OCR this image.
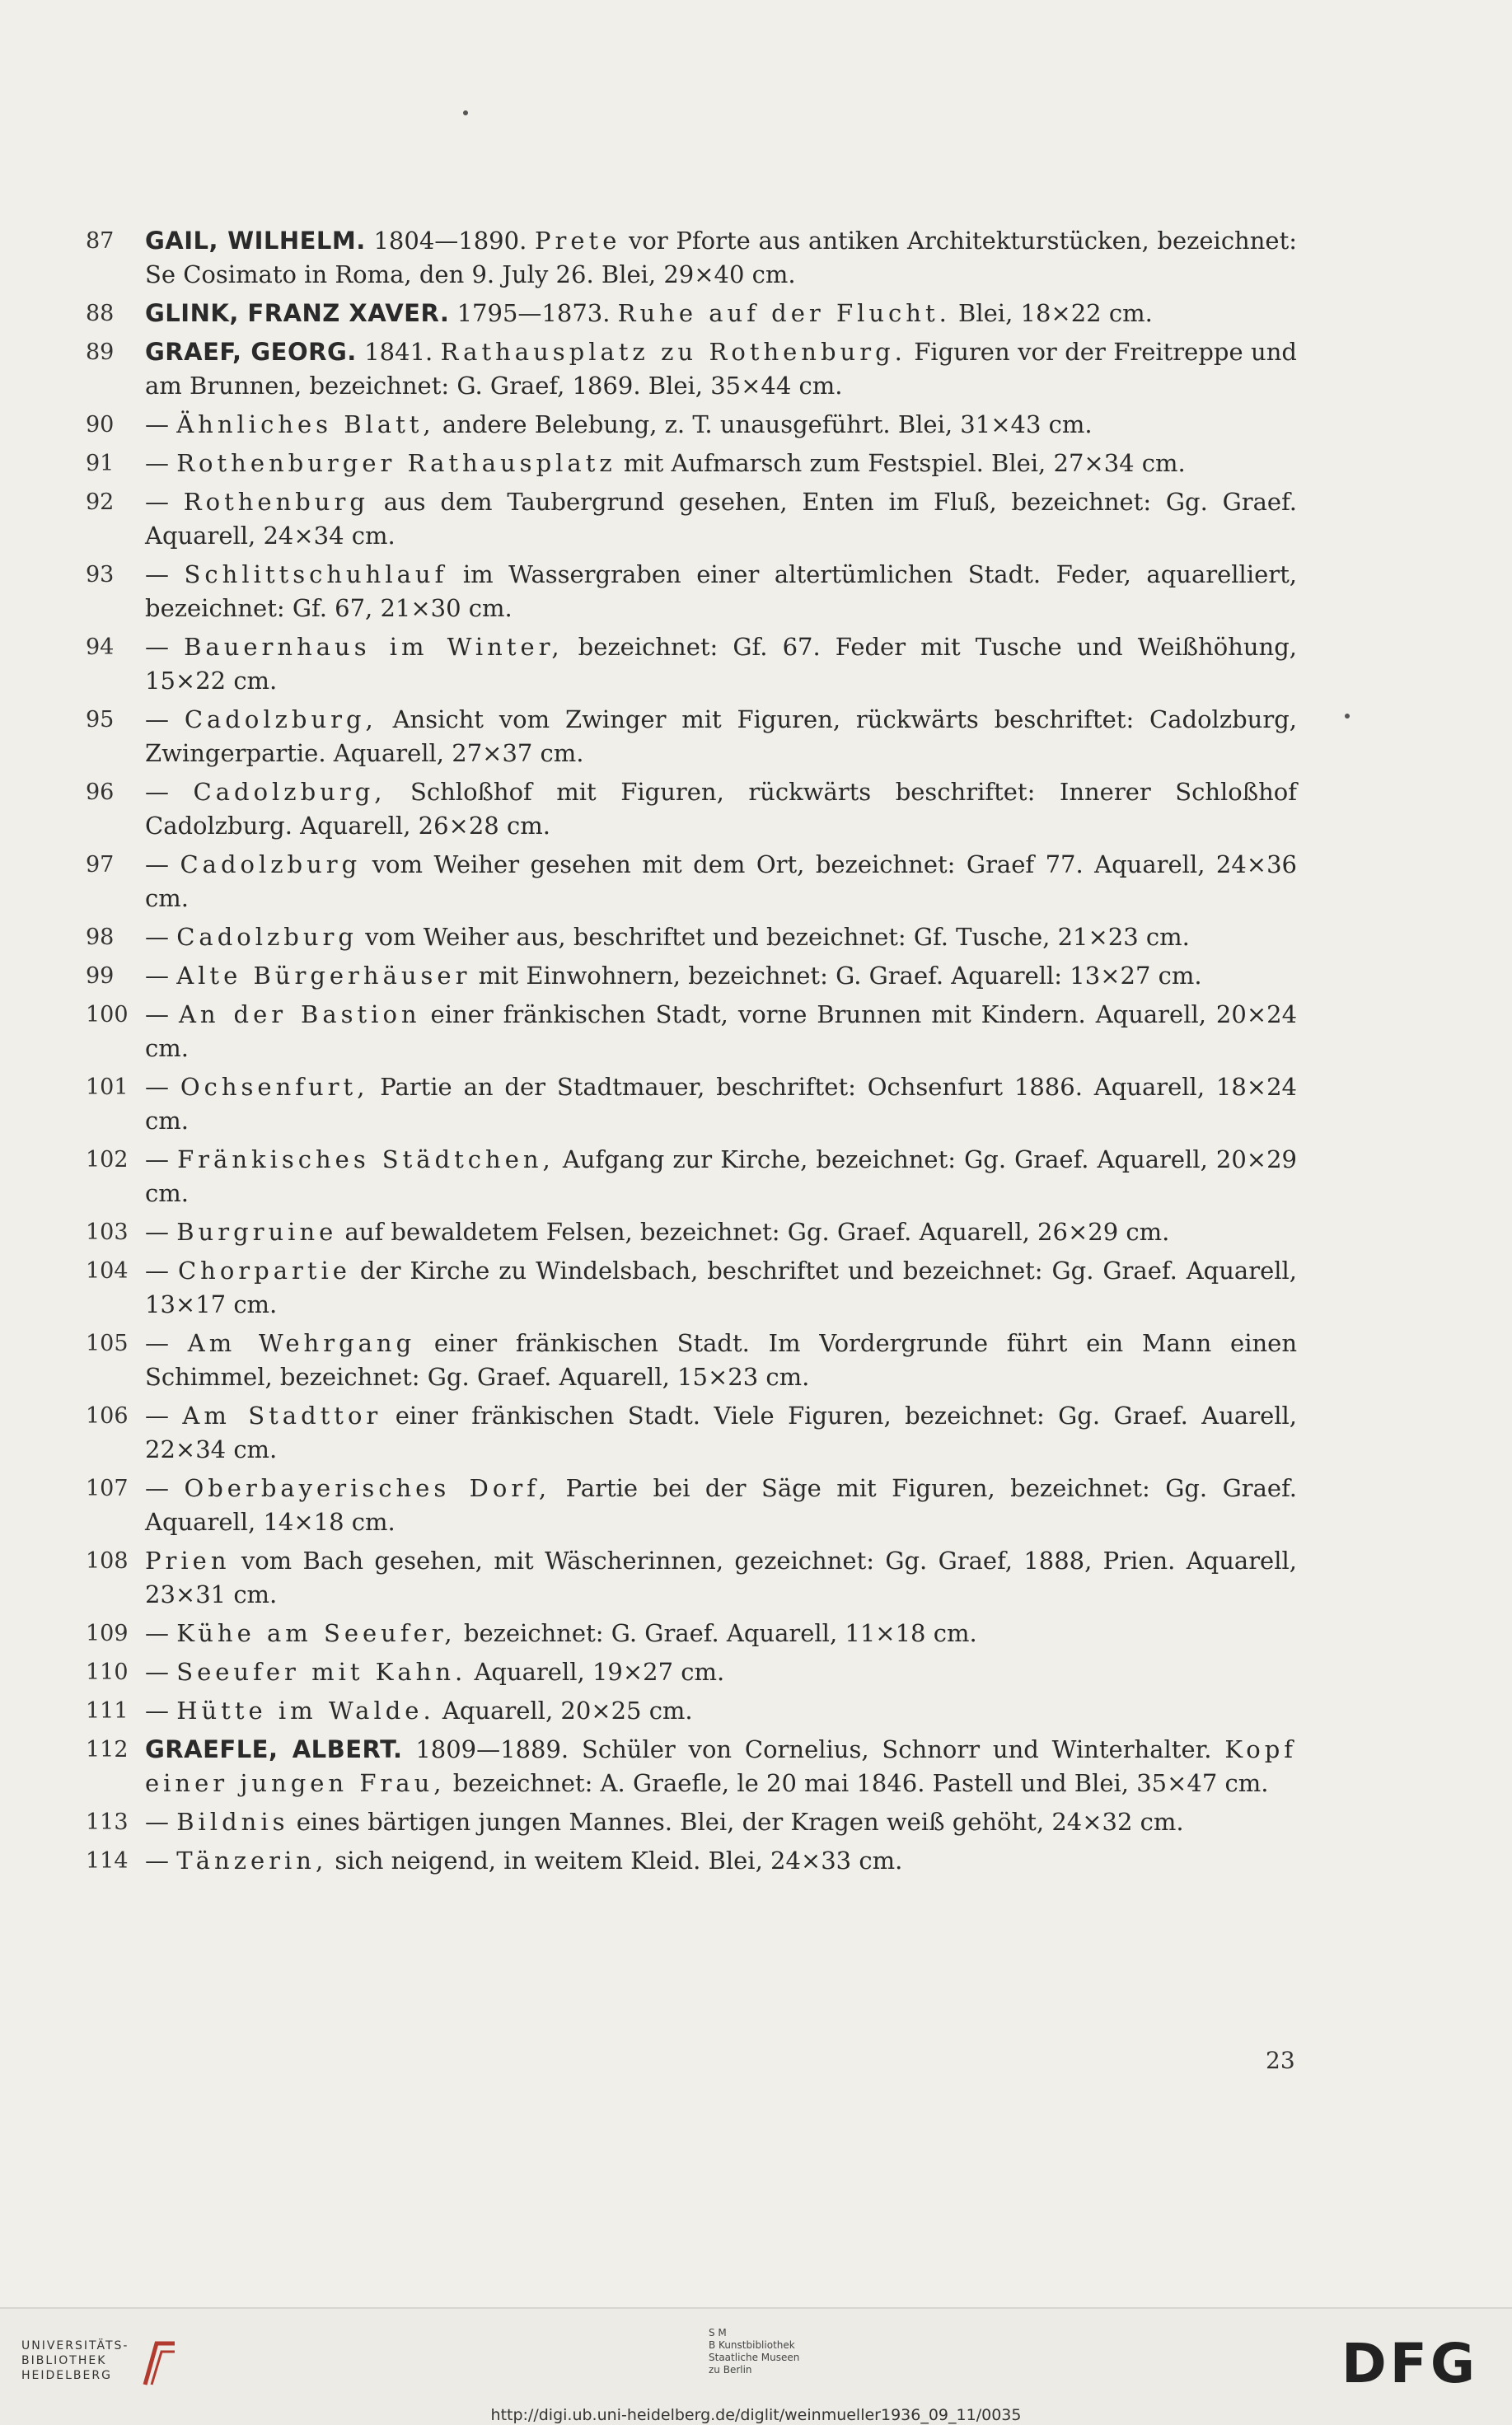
87	GAIL, WILHELM. 1804—1890. Prete vor Pforte aus antiken Architekturstücken, bezeichnet: Se Cosimato in Roma, den 9. July 26. Blei, 29×40 cm.
88	GLINK, FRANZ XAVER. 1795—1873. Ruhe auf der Flucht. Blei, 18×22 cm.
89	GRAEF, GEORG. 1841. Rathausplatz zu Rothenburg. Figuren vor der Freitreppe und am Brunnen, bezeichnet: G. Graef, 1869. Blei, 35×44 cm.
90	— Ähnliches Blatt, andere Belebung, z. T. unausgeführt. Blei, 31×43 cm.
91	— Rothenburger Rathausplatz mit Aufmarsch zum Festspiel. Blei, 27×34 cm.
92	— Rothenburg aus dem Taubergrund gesehen, Enten im Fluß, bezeichnet: Gg. Graef. Aquarell, 24×34 cm.
93	— Schlittschuhlauf im Wassergraben einer altertümlichen Stadt. Feder, aquarelliert, bezeichnet: Gf. 67, 21×30 cm.
94	— Bauernhaus im Winter, bezeichnet: Gf. 67. Feder mit Tusche und Weißhöhung, 15×22 cm.
95	— Cadolzburg, Ansicht vom Zwinger mit Figuren, rückwärts beschriftet: Cadolzburg, Zwingerpartie. Aquarell, 27×37 cm.
96	— Cadolzburg, Schloßhof mit Figuren, rückwärts beschriftet: Innerer Schloßhof Cadolzburg. Aquarell, 26×28 cm.
97	— Cadolzburg vom Weiher gesehen mit dem Ort, bezeichnet: Graef 77. Aquarell, 24×36 cm.
98	— Cadolzburg vom Weiher aus, beschriftet und bezeichnet: Gf. Tusche, 21×23 cm.
99	— Alte Bürgerhäuser mit Einwohnern, bezeichnet: G. Graef. Aquarell: 13×27 cm.
100 — An der Bastion einer fränkischen Stadt, vorne Brunnen mit Kindern. Aquarell, 20×24 cm.
101 — Ochsenfurt, Partie an der Stadtmauer, beschriftet: Ochsenfurt 1886. Aquarell, 18×24 cm.
102 — Fränkisches Städtchen, Aufgang zur Kirche, bezeichnet: Gg. Graef. Aquarell, 20×29 cm.
103 — Burgruine auf bewaldetem Felsen, bezeichnet: Gg. Graef. Aquarell, 26×29 cm.
104 — Chorpartie der Kirche zu Windelsbach, beschriftet und bezeichnet: Gg. Graef. Aquarell, 13×17 cm.
105 — Am Wehrgang einer fränkischen Stadt. Im Vordergrunde führt ein Mann einen Schimmel, bezeichnet: Gg. Graef. Aquarell, 15×23 cm.
106 — Am Stadttor einer fränkischen Stadt. Viele Figuren, bezeichnet: Gg. Graef. Auarell, 22×34 cm.
107 — Oberbayerisches Dorf, Partie bei der Säge mit Figuren, bezeichnet: Gg. Graef. Aquarell, 14×18 cm.
108 Prien vom Bach gesehen, mit Wäscherinnen, gezeichnet: Gg. Graef, 1888, Prien. Aquarell, 23×31 cm.
109 — Kühe am Seeufer, bezeichnet: G. Graef. Aquarell, 11×18 cm.
110 — Seeufer mit Kahn. Aquarell, 19×27 cm.
111 — Hütte im Walde. Aquarell, 20×25 cm.
112 GRAEFLE, ALBERT. 1809—1889. Schüler von Cornelius, Schnorr und Winterhalter. Kopf einer jungen Frau, bezeichnet: A. Graefle, le 20 mai 1846. Pastell und Blei, 35×47 cm.
113 — Bildnis eines bärtigen jungen Mannes. Blei, der Kragen weiß gehöht, 24×32 cm.
114 — Tänzerin, sich neigend, in weitem Kleid. Blei, 24×33 cm.
23
UNIVERSITÄTS-
BIBLIOTHEK
HEIDELBERG
S M
B Kunstbibliothek
Staatliche Museen
zu Berlin	DFG
http://digi.ub.uni-heidelberg.de/diglit/weinmueller1936_09_11/0035
